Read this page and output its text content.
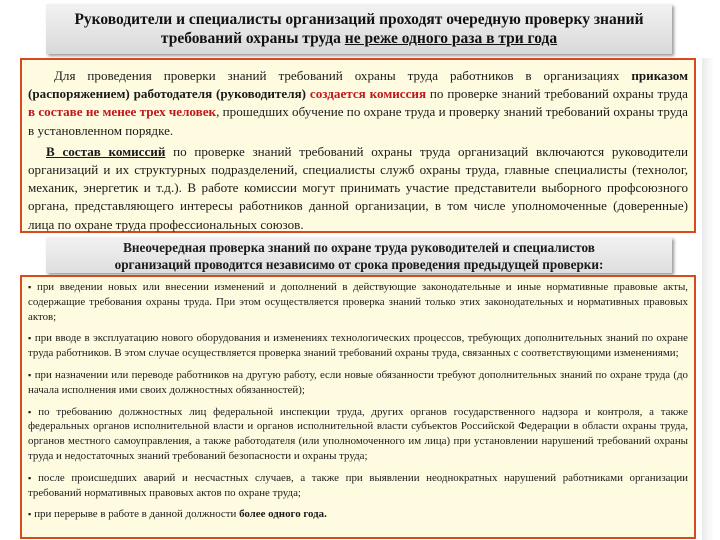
Руководители и специалисты организаций проходят очередную проверку знаний
требований охраны труда не реже одного раза в три года

Для проведения проверки знаний требований охраны труда работников в организациях приказом (распоряжением) работодателя (руководителя) создается комиссия по проверке знаний требований охраны труда в составе не менее трех человек, прошедших обучение по охране труда и проверку знаний требований охраны труда в установленном порядке.

В состав комиссий по проверке знаний требований охраны труда организаций включаются руководители организаций и их структурных подразделений, специалисты служб охраны труда, главные специалисты (технолог, механик, энергетик и т.д.). В работе комиссии могут принимать участие представители выборного профсоюзного органа, представляющего интересы работников данной организации, в том числе уполномоченные (доверенные) лица по охране труда профессиональных союзов.

Внеочередная проверка знаний по охране труда руководителей и специалистов
организаций проводится независимо от срока проведения предыдущей проверки:
▪ при введении новых или внесении изменений и дополнений в действующие законодательные и иные нормативные правовые акты, содержащие требования охраны труда. При этом осуществляется проверка знаний только этих законодательных и нормативных правовых актов;
▪ при вводе в эксплуатацию нового оборудования и изменениях технологических процессов, требующих дополнительных знаний по охране труда работников. В этом случае осуществляется проверка знаний требований охраны труда, связанных с соответствующими изменениями;
▪ при назначении или переводе работников на другую работу, если новые обязанности требуют дополнительных знаний по охране труда (до начала исполнения ими своих должностных обязанностей);
▪ по требованию должностных лиц федеральной инспекции труда, других органов государственного надзора и контроля, а также федеральных органов исполнительной власти и органов исполнительной власти субъектов Российской Федерации в области охраны труда, органов местного самоуправления, а также работодателя (или уполномоченного им лица) при установлении нарушений требований охраны труда и недостаточных знаний требований безопасности и охраны труда;
▪ после происшедших аварий и несчастных случаев, а также при выявлении неоднократных нарушений работниками организации требований нормативных правовых актов по охране труда;
▪ при перерыве в работе в данной должности более одного года.
